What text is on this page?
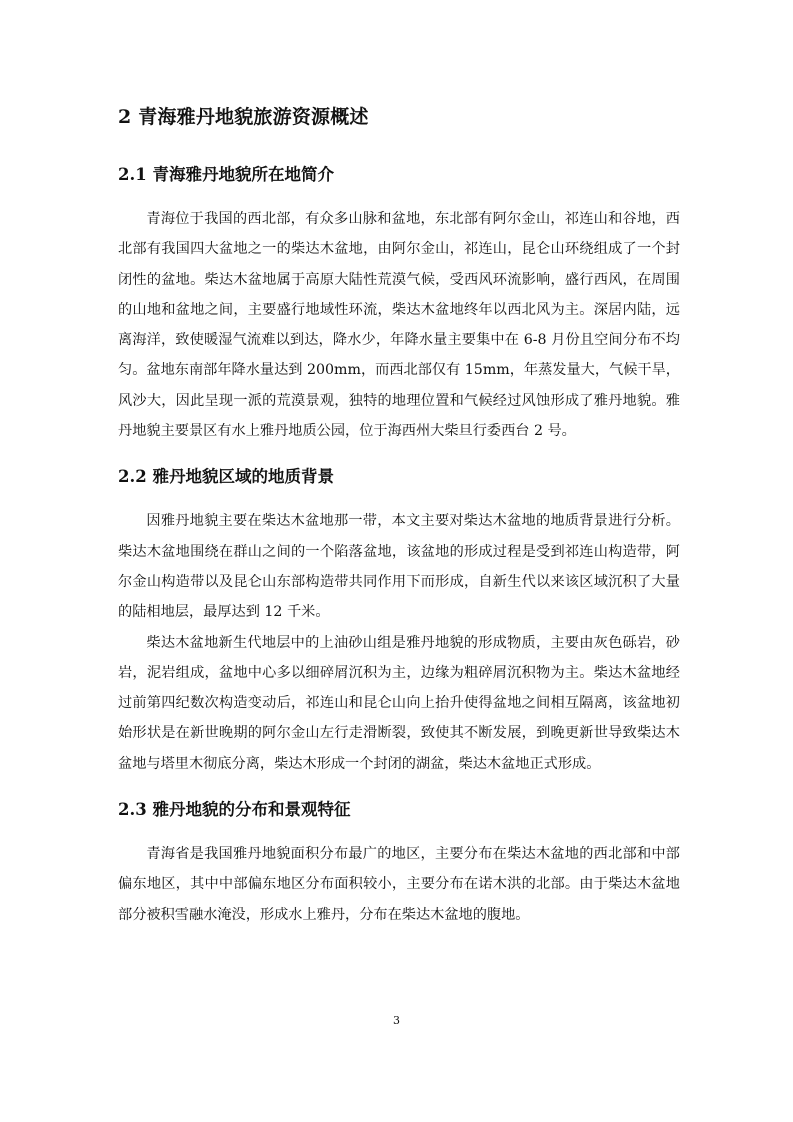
2 青海雅丹地貌旅游资源概述
2.1 青海雅丹地貌所在地简介

青海位于我国的西北部，有众多山脉和盆地，东北部有阿尔金山，祁连山和谷地，西北部有我国四大盆地之一的柴达木盆地，由阿尔金山，祁连山，昆仑山环绕组成了一个封闭性的盆地。柴达木盆地属于高原大陆性荒漠气候，受西风环流影响，盛行西风，在周围的山地和盆地之间，主要盛行地域性环流，柴达木盆地终年以西北风为主。深居内陆，远离海洋，致使暖湿气流难以到达，降水少，年降水量主要集中在 6-8 月份且空间分布不均匀。盆地东南部年降水量达到 200mm，而西北部仅有 15mm，年蒸发量大，气候干旱，风沙大，因此呈现一派的荒漠景观，独特的地理位置和气候经过风蚀形成了雅丹地貌。雅丹地貌主要景区有水上雅丹地质公园，位于海西州大柴旦行委西台 2 号。

2.2 雅丹地貌区域的地质背景

因雅丹地貌主要在柴达木盆地那一带，本文主要对柴达木盆地的地质背景进行分析。柴达木盆地围绕在群山之间的一个陷落盆地，该盆地的形成过程是受到祁连山构造带，阿尔金山构造带以及昆仑山东部构造带共同作用下而形成，自新生代以来该区域沉积了大量的陆相地层，最厚达到 12 千米。

柴达木盆地新生代地层中的上油砂山组是雅丹地貌的形成物质，主要由灰色砾岩，砂岩，泥岩组成，盆地中心多以细碎屑沉积为主，边缘为粗碎屑沉积物为主。柴达木盆地经过前第四纪数次构造变动后，祁连山和昆仑山向上抬升使得盆地之间相互隔离，该盆地初始形状是在新世晚期的阿尔金山左行走滑断裂，致使其不断发展，到晚更新世导致柴达木盆地与塔里木彻底分离，柴达木形成一个封闭的湖盆，柴达木盆地正式形成。

2.3 雅丹地貌的分布和景观特征

青海省是我国雅丹地貌面积分布最广的地区，主要分布在柴达木盆地的西北部和中部偏东地区，其中中部偏东地区分布面积较小，主要分布在诺木洪的北部。由于柴达木盆地部分被积雪融水淹没，形成水上雅丹，分布在柴达木盆地的腹地。

3
